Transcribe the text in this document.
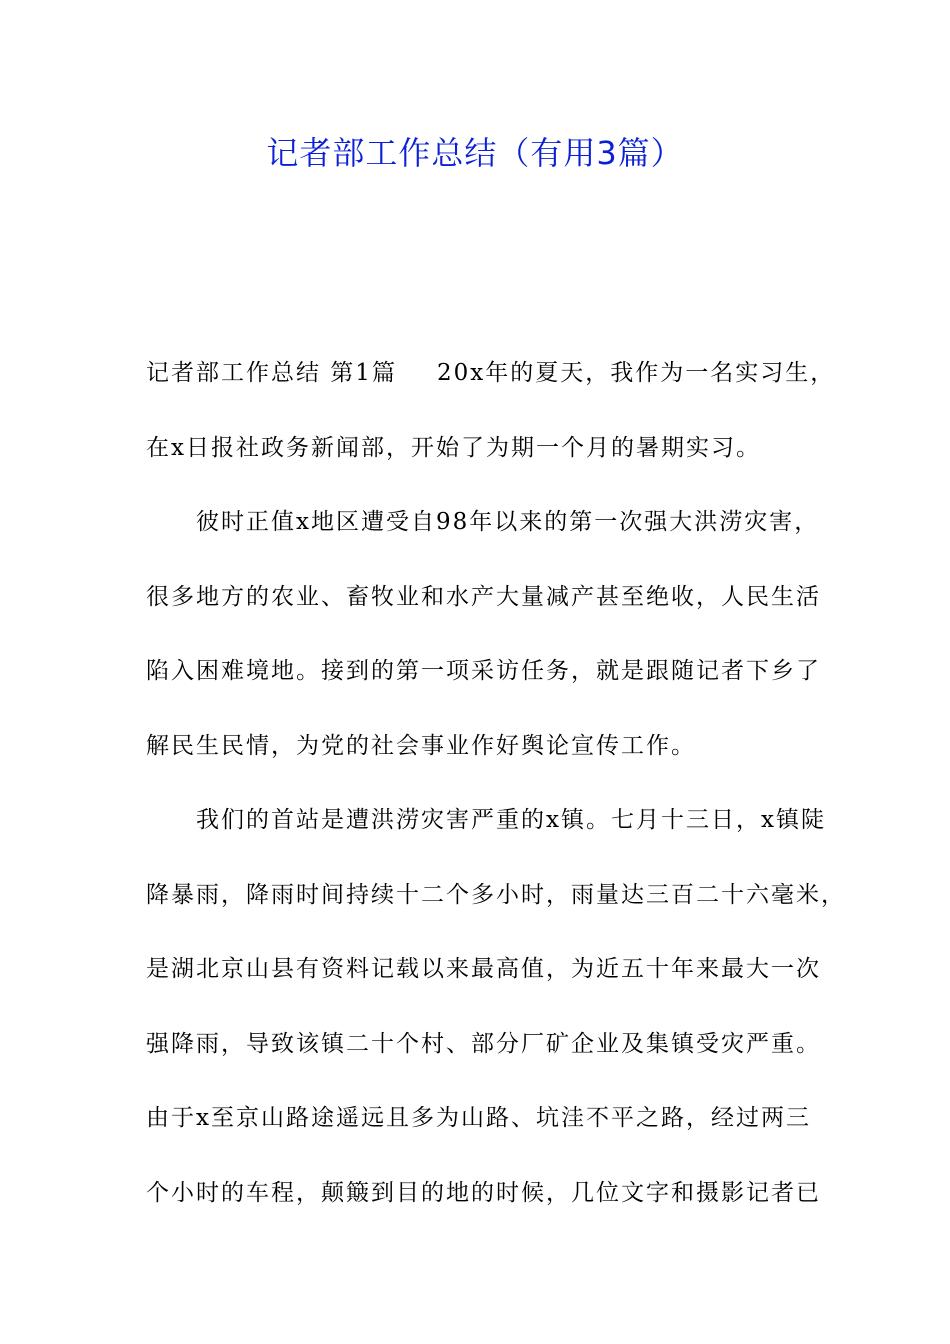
记者部工作总结（有用3篇）
记者部工作总结 第1篇 20x年的夏天，我作为一名实习生，
在x日报社政务新闻部，开始了为期一个月的暑期实习。
彼时正值x地区遭受自98年以来的第一次强大洪涝灾害，
很多地方的农业、畜牧业和水产大量减产甚至绝收，人民生活
陷入困难境地。接到的第一项采访任务，就是跟随记者下乡了
解民生民情，为党的社会事业作好舆论宣传工作。
我们的首站是遭洪涝灾害严重的x镇。七月十三日，x镇陡
降暴雨，降雨时间持续十二个多小时，雨量达三百二十六毫米，
是湖北京山县有资料记载以来最高值，为近五十年来最大一次
强降雨，导致该镇二十个村、部分厂矿企业及集镇受灾严重。
由于x至京山路途遥远且多为山路、坑洼不平之路，经过两三
个小时的车程，颠簸到目的地的时候，几位文字和摄影记者已
